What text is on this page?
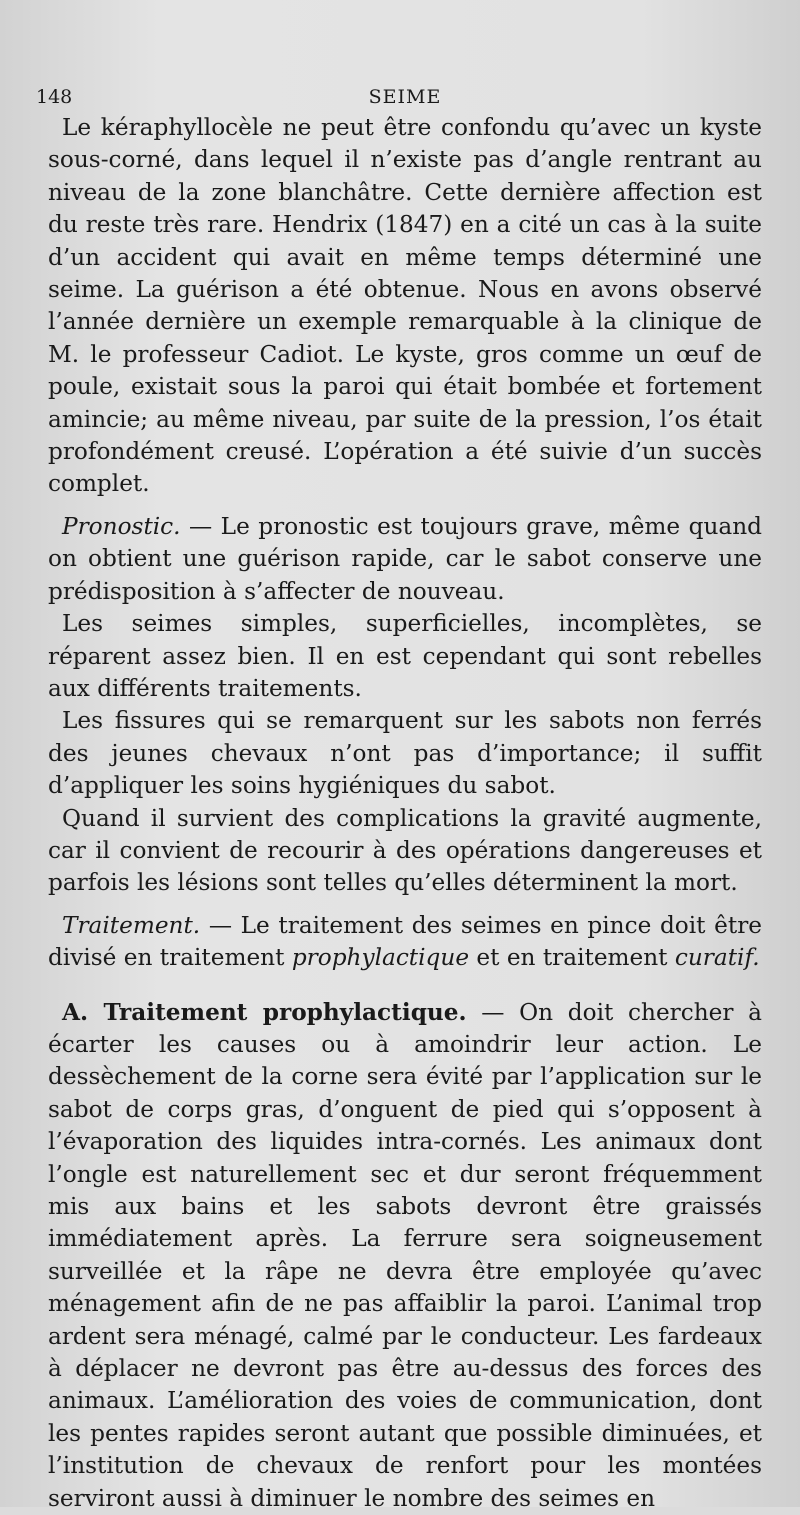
148	SEIME

Le kéraphyllocèle ne peut être confondu qu’avec un kyste sous-corné, dans lequel il n’existe pas d’angle rentrant au niveau de la zone blanchâtre. Cette dernière affection est du reste très rare. Hendrix (1847) en a cité un cas à la suite d’un accident qui avait en même temps déterminé une seime. La guérison a été obtenue. Nous en avons observé l’année dernière un exemple remarquable à la clinique de M. le professeur Cadiot. Le kyste, gros comme un œuf de poule, existait sous la paroi qui était bombée et fortement amincie; au même niveau, par suite de la pression, l’os était profondément creusé. L’opération a été suivie d’un succès complet.

Pronostic. — Le pronostic est toujours grave, même quand on obtient une guérison rapide, car le sabot conserve une prédisposition à s’affecter de nouveau.

Les seimes simples, superficielles, incomplètes, se réparent assez bien. Il en est cependant qui sont rebelles aux différents traitements.

Les fissures qui se remarquent sur les sabots non ferrés des jeunes chevaux n’ont pas d’importance; il suffit d’appliquer les soins hygiéniques du sabot.

Quand il survient des complications la gravité augmente, car il convient de recourir à des opérations dangereuses et parfois les lésions sont telles qu’elles déterminent la mort.

Traitement. — Le traitement des seimes en pince doit être divisé en traitement prophylactique et en traitement curatif.

A. Traitement prophylactique. — On doit chercher à écarter les causes ou à amoindrir leur action. Le dessèchement de la corne sera évité par l’application sur le sabot de corps gras, d’onguent de pied qui s’opposent à l’évaporation des liquides intra-cornés. Les animaux dont l’ongle est naturellement sec et dur seront fréquemment mis aux bains et les sabots devront être graissés immédiatement après. La ferrure sera soigneusement surveillée et la râpe ne devra être employée qu’avec ménagement afin de ne pas affaiblir la paroi. L’animal trop ardent sera ménagé, calmé par le conducteur. Les fardeaux à déplacer ne devront pas être au-dessus des forces des animaux. L’amélioration des voies de communication, dont les pentes rapides seront autant que possible diminuées, et l’institution de chevaux de renfort pour les montées serviront aussi à diminuer le nombre des seimes en
